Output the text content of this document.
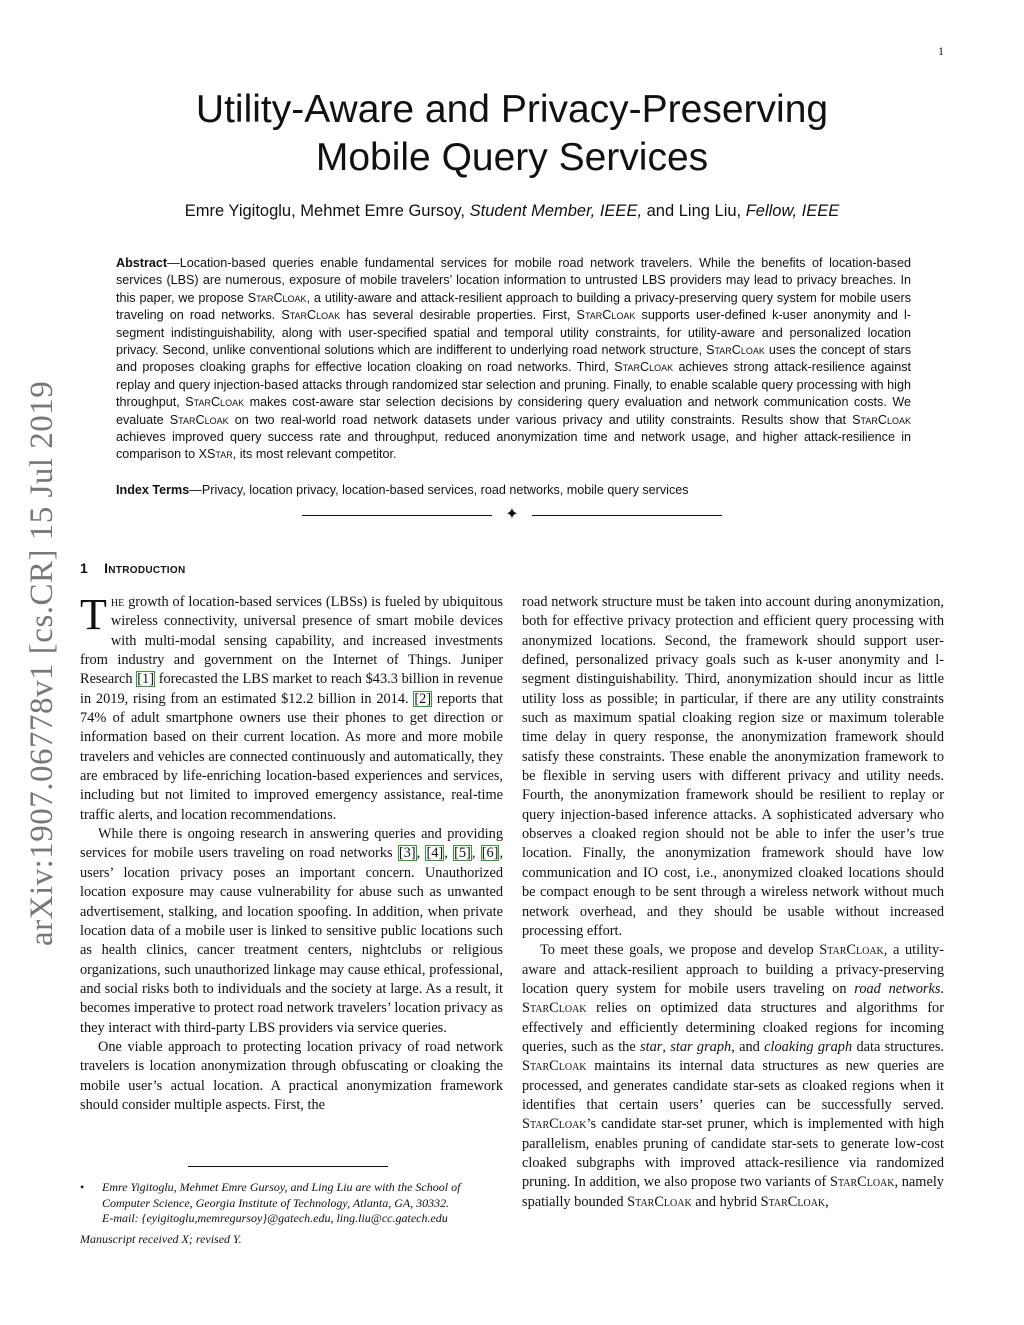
1
arXiv:1907.06778v1 [cs.CR] 15 Jul 2019
Utility-Aware and Privacy-Preserving
Mobile Query Services
Emre Yigitoglu, Mehmet Emre Gursoy, Student Member, IEEE, and Ling Liu, Fellow, IEEE
Abstract—Location-based queries enable fundamental services for mobile road network travelers. While the benefits of location-based services (LBS) are numerous, exposure of mobile travelers’ location information to untrusted LBS providers may lead to privacy breaches. In this paper, we propose StarCloak, a utility-aware and attack-resilient approach to building a privacy-preserving query system for mobile users traveling on road networks. StarCloak has several desirable properties. First, StarCloak supports user-defined k-user anonymity and l-segment indistinguishability, along with user-specified spatial and temporal utility constraints, for utility-aware and personalized location privacy. Second, unlike conventional solutions which are indifferent to underlying road network structure, StarCloak uses the concept of stars and proposes cloaking graphs for effective location cloaking on road networks. Third, StarCloak achieves strong attack-resilience against replay and query injection-based attacks through randomized star selection and pruning. Finally, to enable scalable query processing with high throughput, StarCloak makes cost-aware star selection decisions by considering query evaluation and network communication costs. We evaluate StarCloak on two real-world road network datasets under various privacy and utility constraints. Results show that StarCloak achieves improved query success rate and throughput, reduced anonymization time and network usage, and higher attack-resilience in comparison to XStar, its most relevant competitor.
Index Terms—Privacy, location privacy, location-based services, road networks, mobile query services
✦
1 Introduction

The growth of location-based services (LBSs) is fueled by ubiquitous wireless connectivity, universal presence of smart mobile devices with multi-modal sensing capability, and increased investments from industry and government on the Internet of Things. Juniper Research [1] forecasted the LBS market to reach $43.3 billion in revenue in 2019, rising from an estimated $12.2 billion in 2014. [2] reports that 74% of adult smartphone owners use their phones to get direction or information based on their current location. As more and more mobile travelers and vehicles are connected continuously and automatically, they are embraced by life-enriching location-based experiences and services, including but not limited to improved emergency assistance, real-time traffic alerts, and location recommendations.

While there is ongoing research in answering queries and providing services for mobile users traveling on road networks [3], [4], [5], [6], users’ location privacy poses an important concern. Unauthorized location exposure may cause vulnerability for abuse such as unwanted advertisement, stalking, and location spoofing. In addition, when private location data of a mobile user is linked to sensitive public locations such as health clinics, cancer treatment centers, nightclubs or religious organizations, such unauthorized linkage may cause ethical, professional, and social risks both to individuals and the society at large. As a result, it becomes imperative to protect road network travelers’ location privacy as they interact with third-party LBS providers via service queries.

One viable approach to protecting location privacy of road network travelers is location anonymization through obfuscating or cloaking the mobile user’s actual location. A practical anonymization framework should consider multiple aspects. First, the

• Emre Yigitoglu, Mehmet Emre Gursoy, and Ling Liu are with the School of Computer Science, Georgia Institute of Technology, Atlanta, GA, 30332.
E-mail: {eyigitoglu,memregursoy}@gatech.edu, ling.liu@cc.gatech.edu
Manuscript received X; revised Y.

road network structure must be taken into account during anonymization, both for effective privacy protection and efficient query processing with anonymized locations. Second, the framework should support user-defined, personalized privacy goals such as k-user anonymity and l-segment distinguishability. Third, anonymization should incur as little utility loss as possible; in particular, if there are any utility constraints such as maximum spatial cloaking region size or maximum tolerable time delay in query response, the anonymization framework should satisfy these constraints. These enable the anonymization framework to be flexible in serving users with different privacy and utility needs. Fourth, the anonymization framework should be resilient to replay or query injection-based inference attacks. A sophisticated adversary who observes a cloaked region should not be able to infer the user’s true location. Finally, the anonymization framework should have low communication and IO cost, i.e., anonymized cloaked locations should be compact enough to be sent through a wireless network without much network overhead, and they should be usable without increased processing effort.

To meet these goals, we propose and develop StarCloak, a utility-aware and attack-resilient approach to building a privacy-preserving location query system for mobile users traveling on road networks. StarCloak relies on optimized data structures and algorithms for effectively and efficiently determining cloaked regions for incoming queries, such as the star, star graph, and cloaking graph data structures. StarCloak maintains its internal data structures as new queries are processed, and generates candidate star-sets as cloaked regions when it identifies that certain users’ queries can be successfully served. StarCloak’s candidate star-set pruner, which is implemented with high parallelism, enables pruning of candidate star-sets to generate low-cost cloaked subgraphs with improved attack-resilience via randomized pruning. In addition, we also propose two variants of StarCloak, namely spatially bounded StarCloak and hybrid StarCloak,
